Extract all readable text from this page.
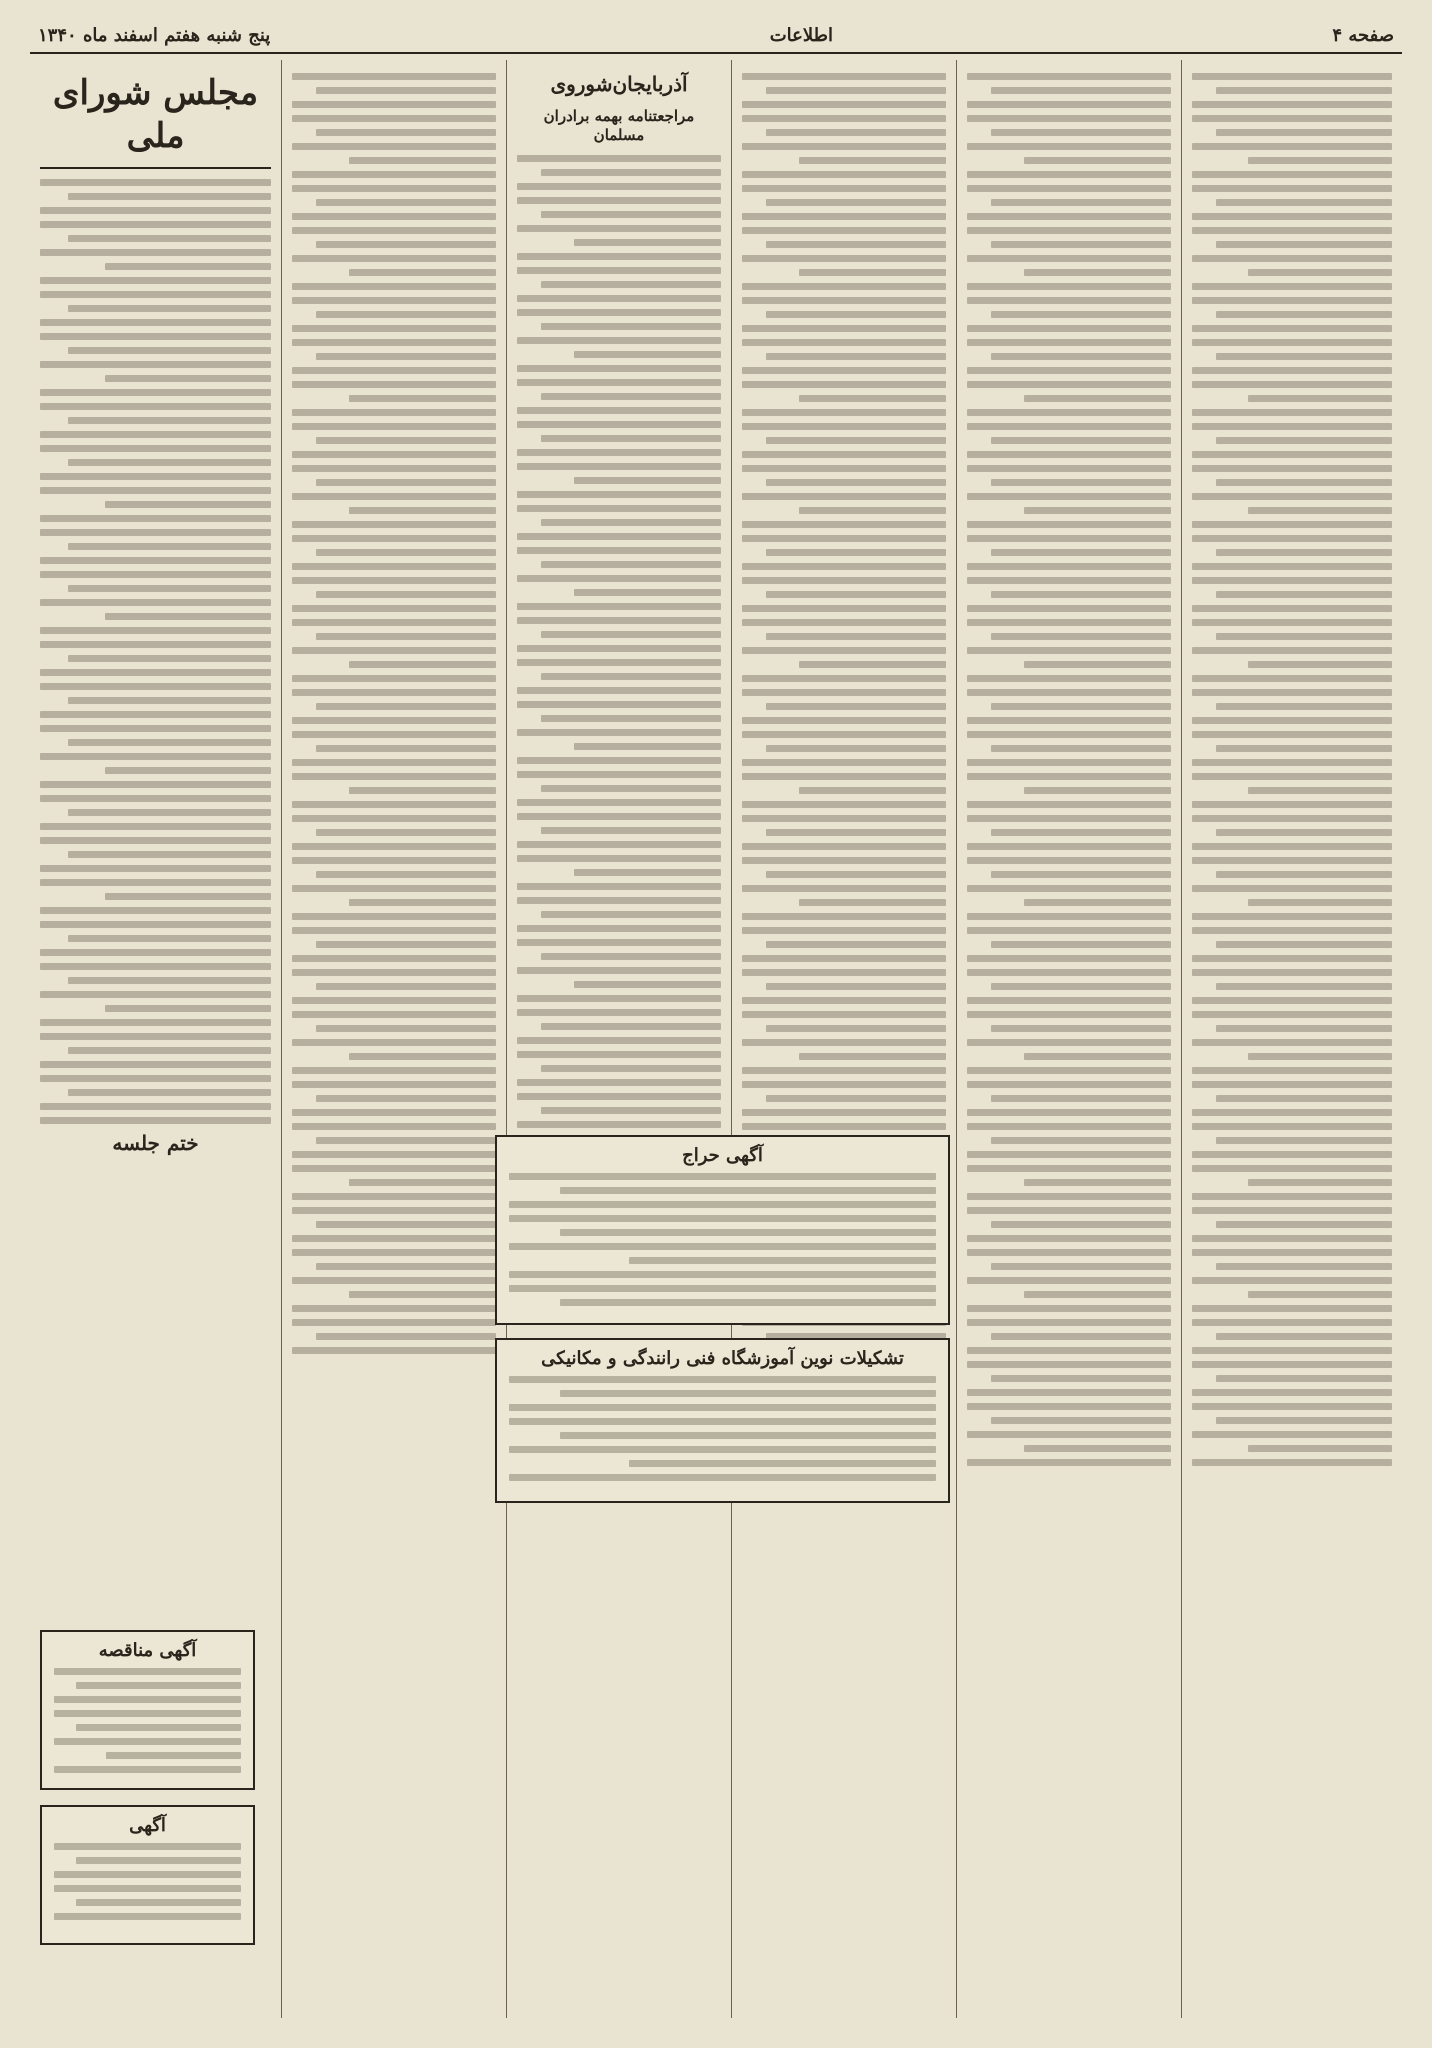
صفحه ۴
اطلاعات
پنج شنبه هفتم اسفند ماه ۱۳۴۰
آذربایجان‌شوروی
مراجعتنامه بهمه برادران مسلمان
مجلس شورای ملی
ختم جلسه
آگهی حراج
تشکیلات نوین آموزشگاه فنی رانندگی و مکانیکی
آگهی مناقصه
آگهی
